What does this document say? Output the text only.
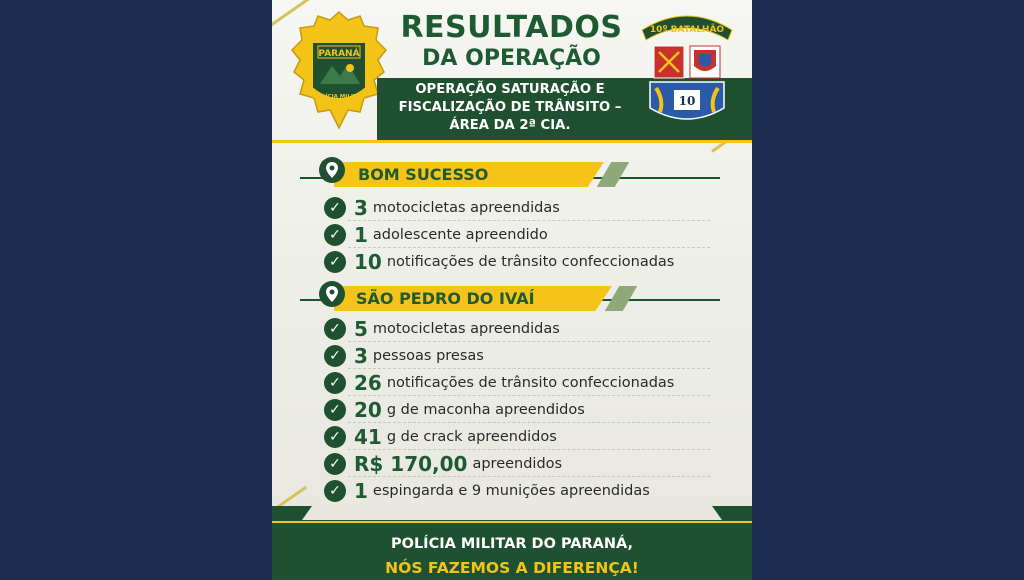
PARANÁ
POLÍCIA MILITAR
RESULTADOS
DA OPERAÇÃO
OPERAÇÃO SATURAÇÃO E
FISCALIZAÇÃO DE TRÂNSITO –
ÁREA DA 2ª CIA.
10º BATALHÃO
10
BOM SUCESSO
✓ 3 motocicletas apreendidas
✓ 1 adolescente apreendido
✓ 10 notificações de trânsito confeccionadas
SÃO PEDRO DO IVAÍ
✓ 5 motocicletas apreendidas
✓ 3 pessoas presas
✓ 26 notificações de trânsito confeccionadas
✓ 20 g de maconha apreendidos
✓ 41 g de crack apreendidos
✓ R$ 170,00 apreendidos
✓ 1 espingarda e 9 munições apreendidas
POLÍCIA MILITAR DO PARANÁ,
NÓS FAZEMOS A DIFERENÇA!
